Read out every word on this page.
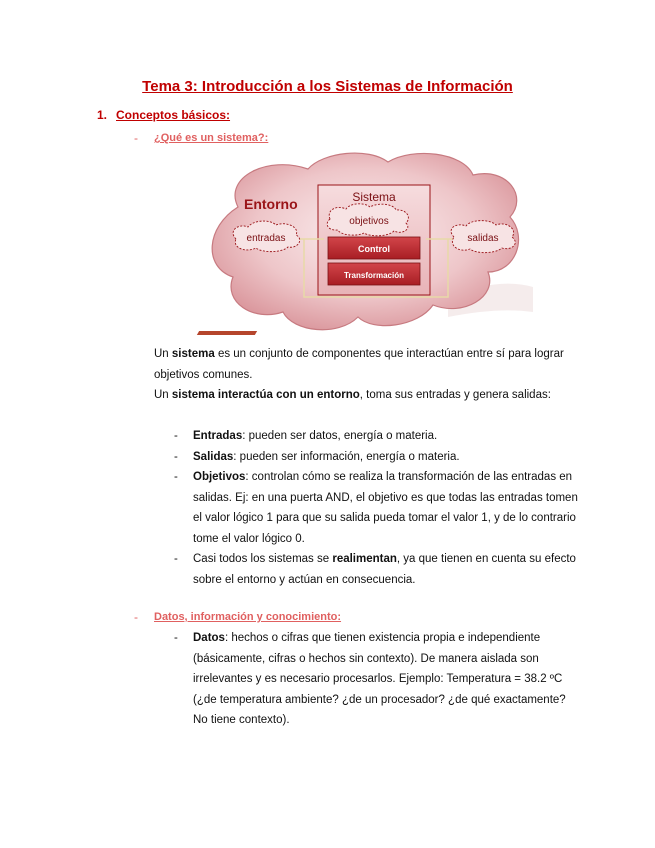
Tema 3: Introducción a los Sistemas de Información
1. Conceptos básicos:
- ¿Qué es un sistema?:
Entorno	Sistema
objetivos
entradas	salidas
Control
Transformación

Un sistema es un conjunto de componentes que interactúan entre sí para lograr objetivos comunes.

Un sistema interactúa con un entorno, toma sus entradas y genera salidas:

- Entradas: pueden ser datos, energía o materia.

- Salidas: pueden ser información, energía o materia.

- Objetivos: controlan cómo se realiza la transformación de las entradas en salidas. Ej: en una puerta AND, el objetivo es que todas las entradas tomen el valor lógico 1 para que su salida pueda tomar el valor 1, y de lo contrario tome el valor lógico 0.

- Casi todos los sistemas se realimentan, ya que tienen en cuenta su efecto sobre el entorno y actúan en consecuencia.

- Datos, información y conocimiento:
- Datos: hechos o cifras que tienen existencia propia e independiente (básicamente, cifras o hechos sin contexto). De manera aislada son irrelevantes y es necesario procesarlos. Ejemplo: Temperatura = 38.2 ºC (¿de temperatura ambiente? ¿de un procesador? ¿de qué exactamente? No tiene contexto).
